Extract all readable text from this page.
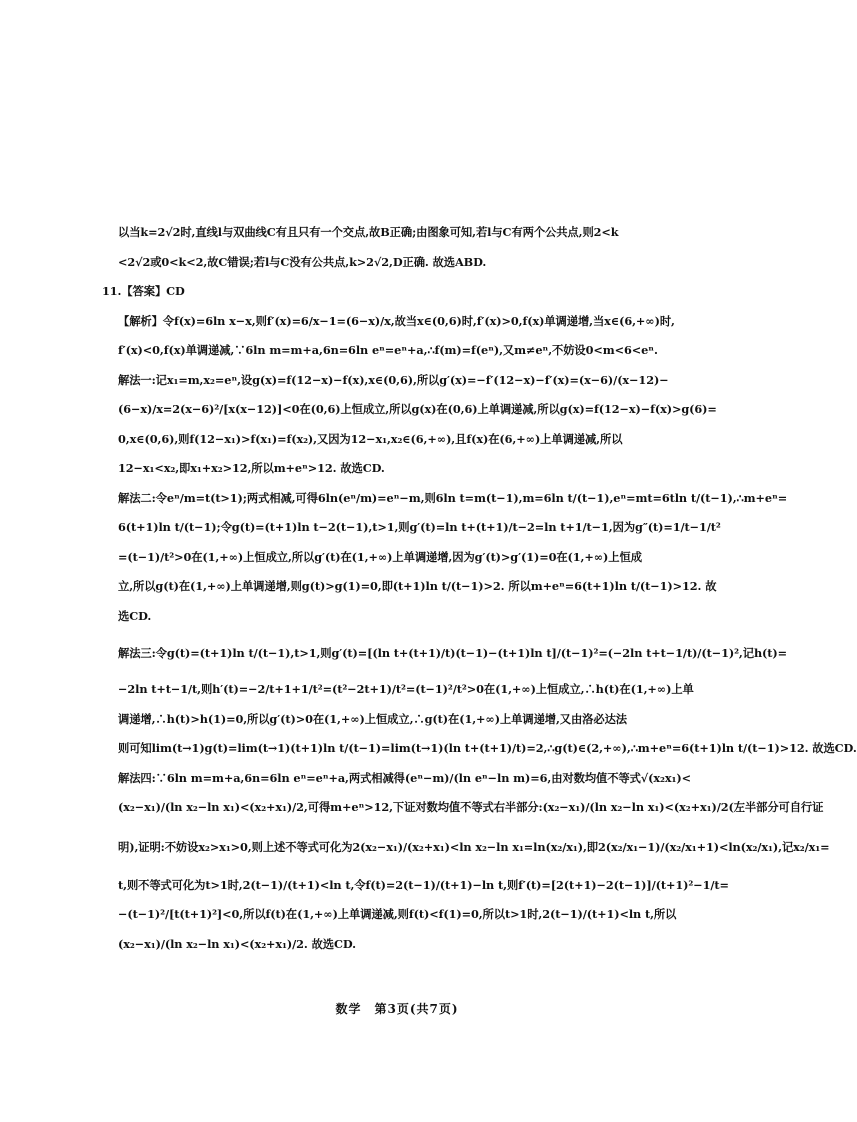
以当k=2√2时,直线l与双曲线C有且只有一个交点,故B正确;由图象可知,若l与C有两个公共点,则2<k
<2√2或0<k<2,故C错误;若l与C没有公共点,k>2√2,D正确. 故选ABD.
11.【答案】CD
【解析】令f(x)=6ln x−x,则f′(x)=6/x−1=(6−x)/x,故当x∈(0,6)时,f′(x)>0,f(x)单调递增,当x∈(6,+∞)时,
f′(x)<0,f(x)单调递减,∵6ln m=m+a,6n=6ln eⁿ=eⁿ+a,∴f(m)=f(eⁿ),又m≠eⁿ,不妨设0<m<6<eⁿ.
解法一:记x₁=m,x₂=eⁿ,设g(x)=f(12−x)−f(x),x∈(0,6),所以g′(x)=−f′(12−x)−f′(x)=(x−6)/(x−12)−
(6−x)/x=2(x−6)²/[x(x−12)]<0在(0,6)上恒成立,所以g(x)在(0,6)上单调递减,所以g(x)=f(12−x)−f(x)>g(6)=
0,x∈(0,6),则f(12−x₁)>f(x₁)=f(x₂),又因为12−x₁,x₂∈(6,+∞),且f(x)在(6,+∞)上单调递减,所以
12−x₁<x₂,即x₁+x₂>12,所以m+eⁿ>12. 故选CD.
解法二:令eⁿ/m=t(t>1);两式相减,可得6ln(eⁿ/m)=eⁿ−m,则6ln t=m(t−1),m=6ln t/(t−1),eⁿ=mt=6tln t/(t−1),∴m+eⁿ=
6(t+1)ln t/(t−1);令g(t)=(t+1)ln t−2(t−1),t>1,则g′(t)=ln t+(t+1)/t−2=ln t+1/t−1,因为g″(t)=1/t−1/t²
=(t−1)/t²>0在(1,+∞)上恒成立,所以g′(t)在(1,+∞)上单调递增,因为g′(t)>g′(1)=0在(1,+∞)上恒成
立,所以g(t)在(1,+∞)上单调递增,则g(t)>g(1)=0,即(t+1)ln t/(t−1)>2. 所以m+eⁿ=6(t+1)ln t/(t−1)>12. 故
选CD.
解法三:令g(t)=(t+1)ln t/(t−1),t>1,则g′(t)=[(ln t+(t+1)/t)(t−1)−(t+1)ln t]/(t−1)²=(−2ln t+t−1/t)/(t−1)²,记h(t)=
−2ln t+t−1/t,则h′(t)=−2/t+1+1/t²=(t²−2t+1)/t²=(t−1)²/t²>0在(1,+∞)上恒成立,∴h(t)在(1,+∞)上单
调递增,∴h(t)>h(1)=0,所以g′(t)>0在(1,+∞)上恒成立,∴g(t)在(1,+∞)上单调递增,又由洛必达法
则可知lim(t→1)g(t)=lim(t→1)(t+1)ln t/(t−1)=lim(t→1)(ln t+(t+1)/t)=2,∴g(t)∈(2,+∞),∴m+eⁿ=6(t+1)ln t/(t−1)>12. 故选CD.
解法四:∵6ln m=m+a,6n=6ln eⁿ=eⁿ+a,两式相减得(eⁿ−m)/(ln eⁿ−ln m)=6,由对数均值不等式√(x₂x₁)<
(x₂−x₁)/(ln x₂−ln x₁)<(x₂+x₁)/2,可得m+eⁿ>12,下证对数均值不等式右半部分:(x₂−x₁)/(ln x₂−ln x₁)<(x₂+x₁)/2(左半部分可自行证
明),证明:不妨设x₂>x₁>0,则上述不等式可化为2(x₂−x₁)/(x₂+x₁)<ln x₂−ln x₁=ln(x₂/x₁),即2(x₂/x₁−1)/(x₂/x₁+1)<ln(x₂/x₁),记x₂/x₁=
t,则不等式可化为t>1时,2(t−1)/(t+1)<ln t,令f(t)=2(t−1)/(t+1)−ln t,则f′(t)=[2(t+1)−2(t−1)]/(t+1)²−1/t=
−(t−1)²/[t(t+1)²]<0,所以f(t)在(1,+∞)上单调递减,则f(t)<f(1)=0,所以t>1时,2(t−1)/(t+1)<ln t,所以
(x₂−x₁)/(ln x₂−ln x₁)<(x₂+x₁)/2. 故选CD.
数学　第3页(共7页)
